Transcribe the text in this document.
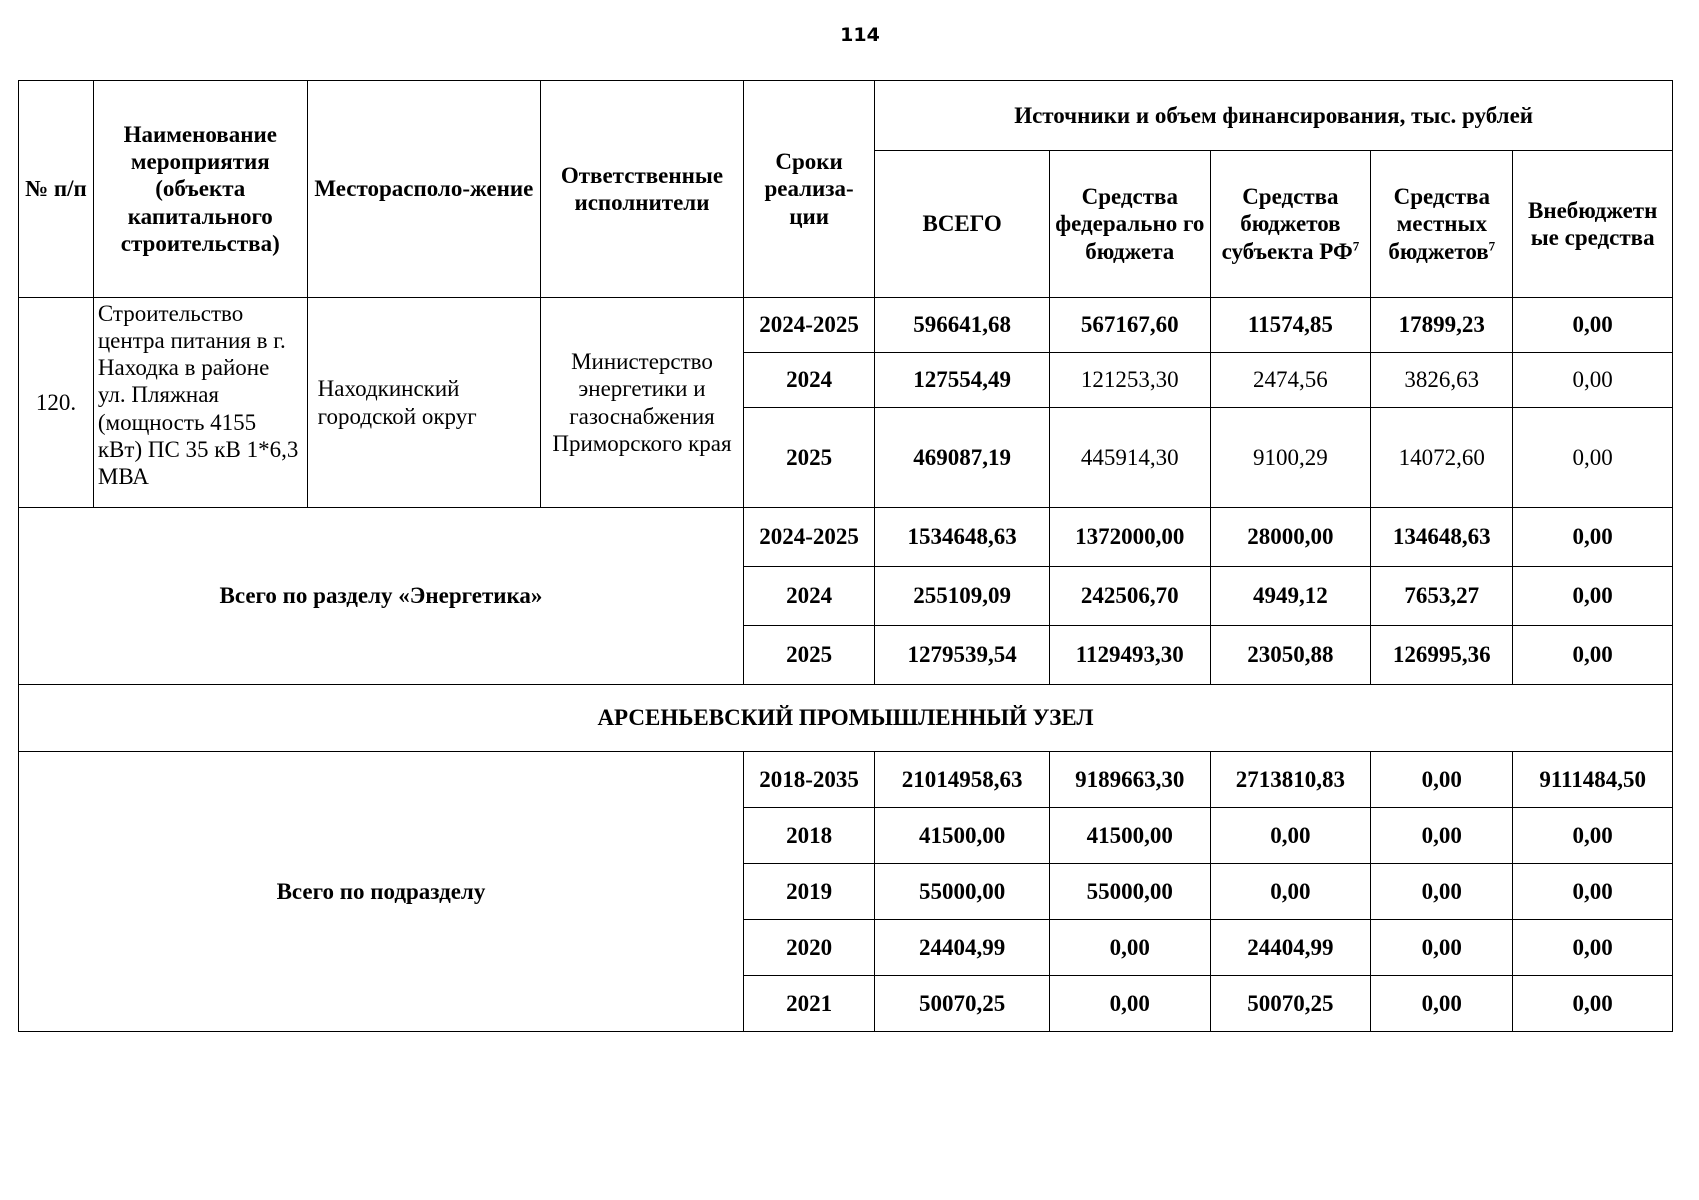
114
№ п/п	Наименование мероприятия (объекта капитального строительства)	Месторасполо-жение	Ответственные исполнители	Сроки реализа-ции	Источники и объем финансирования, тыс. рублей				
					ВСЕГО	Средства федерально го бюджета	Средства бюджетов субъекта $РФ^7$	Средства местных бюджетов$^7$	Внебюджетн ые средства
120.	Строительство центра питания в г. Находка в районе ул. Пляжная (мощность 4155 кВт) ПС 35 кВ 1*6,3 МВА	Находкинский городской округ	Министерство энергетики и газоснабжения Приморского края	2024-2025	596641,68	567167,60	11574,85	17899,23	0,00
				2024	127554,49	121253,30	2474,56	3826,63	0,00
				2025	469087,19	445914,30	9100,29	14072,60	0,00
Всего по разделу «Энергетика»				2024-2025	1534648,63	1372000,00	28000,00	134648,63	0,00
				2024	255109,09	242506,70	4949,12	7653,27	0,00
				2025	1279539,54	1129493,30	23050,88	126995,36	0,00
АРСЕНЬЕВСКИЙ ПРОМЫШЛЕННЫЙ УЗЕЛ									
Всего по подразделу				2018-2035	21014958,63	9189663,30	2713810,83	0,00	9111484,50
				2018	41500,00	41500,00	0,00	0,00	0,00
				2019	55000,00	55000,00	0,00	0,00	0,00
				2020	24404,99	0,00	24404,99	0,00	0,00
				2021	50070,25	0,00	50070,25	0,00	0,00
